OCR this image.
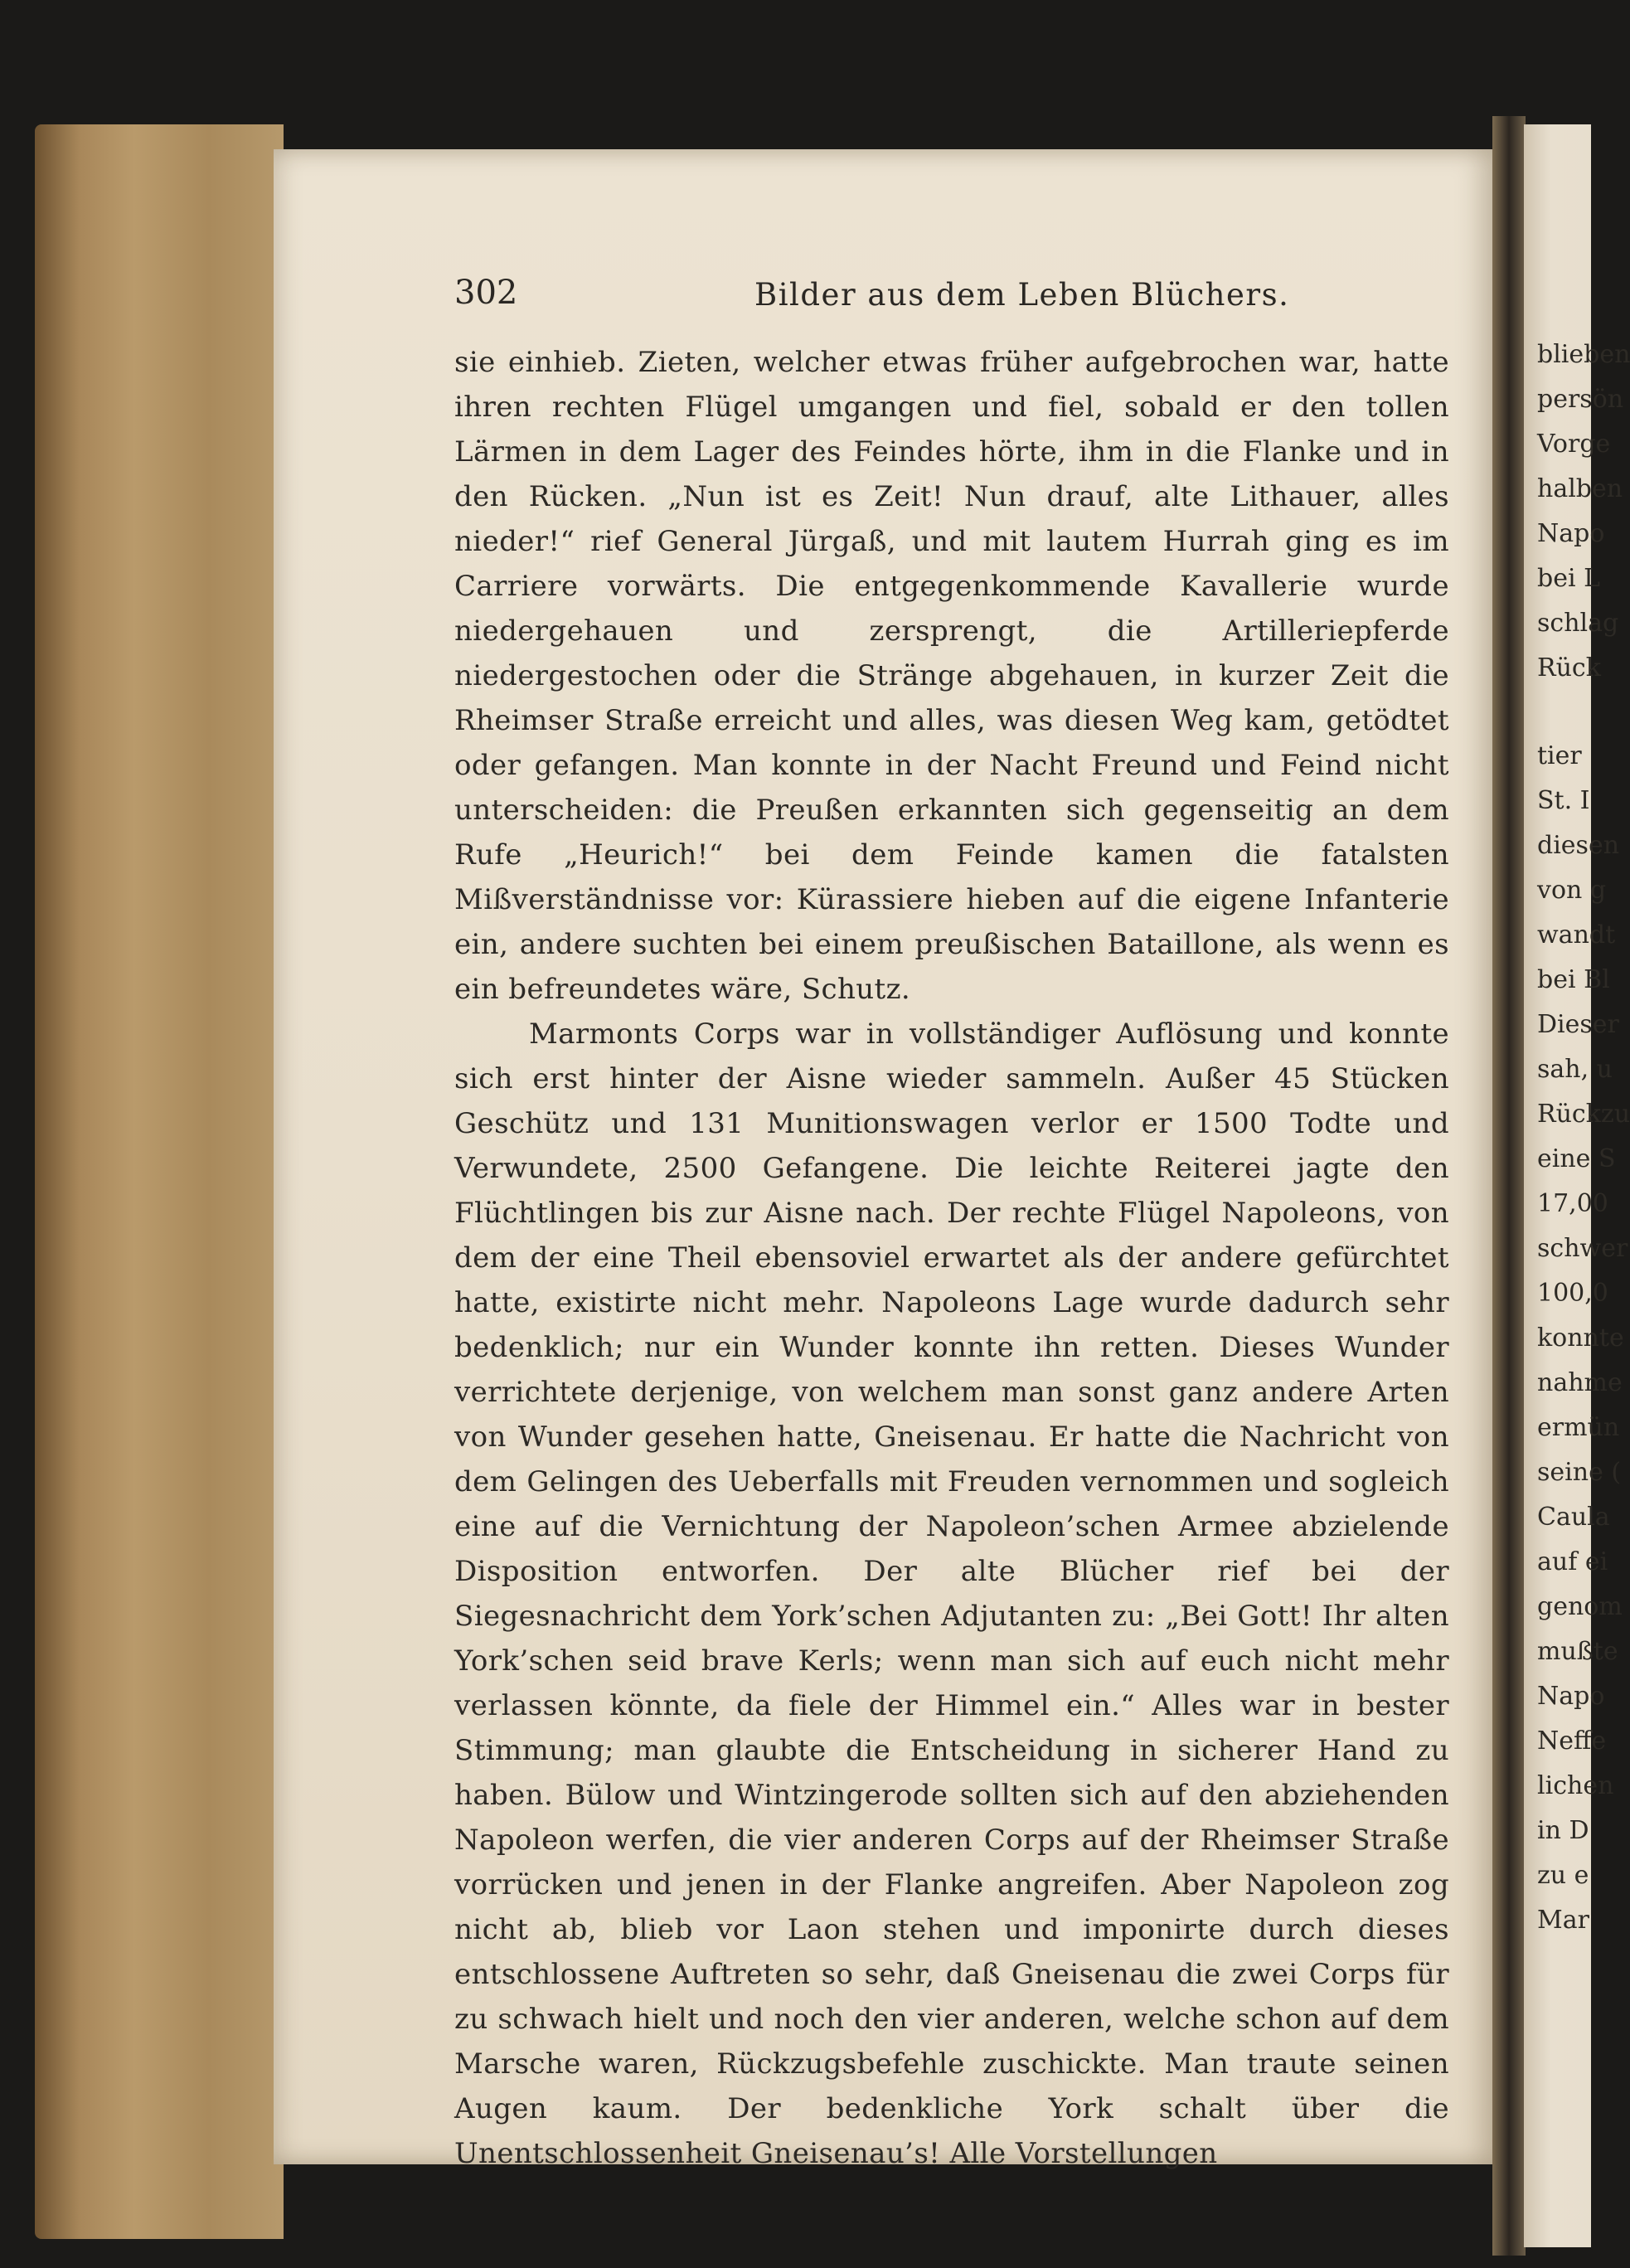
blieben
persön
Vorge
halben
Napo
bei L
schlag
Rück
tier
St. I
diesen
von g
wandt
bei Bl
Dieser
sah, u
Rückzu
eine S
17,00
schwer
100,0
konnte
nahme
ermün
seine (
Caula
auf ei
genom
mußte
Napo
Neffe
lichen
in D
zu e
Mar
302	Bilder aus dem Leben Blüchers.

sie einhieb. Zieten, welcher etwas früher aufgebrochen war, hatte ihren rechten Flügel umgangen und fiel, sobald er den tollen Lärmen in dem Lager des Feindes hörte, ihm in die Flanke und in den Rücken. „Nun ist es Zeit! Nun drauf, alte Lithauer, alles nieder!“ rief General Jürgaß, und mit lautem Hurrah ging es im Carriere vorwärts. Die entgegenkommende Kavallerie wurde niedergehauen und zersprengt, die Artilleriepferde niedergestochen oder die Stränge abgehauen, in kurzer Zeit die Rheimser Straße erreicht und alles, was diesen Weg kam, getödtet oder gefangen. Man konnte in der Nacht Freund und Feind nicht unterscheiden: die Preußen erkannten sich gegenseitig an dem Rufe „Heurich!“ bei dem Feinde kamen die fatalsten Mißverständnisse vor: Kürassiere hieben auf die eigene Infanterie ein, andere suchten bei einem preußischen Bataillone, als wenn es ein befreundetes wäre, Schutz.

Marmonts Corps war in vollständiger Auflösung und konnte sich erst hinter der Aisne wieder sammeln. Außer 45 Stücken Geschütz und 131 Munitionswagen verlor er 1500 Todte und Verwundete, 2500 Gefangene. Die leichte Reiterei jagte den Flüchtlingen bis zur Aisne nach. Der rechte Flügel Napoleons, von dem der eine Theil ebensoviel erwartet als der andere gefürchtet hatte, existirte nicht mehr. Napoleons Lage wurde dadurch sehr bedenklich; nur ein Wunder konnte ihn retten. Dieses Wunder verrichtete derjenige, von welchem man sonst ganz andere Arten von Wunder gesehen hatte, Gneisenau. Er hatte die Nachricht von dem Gelingen des Ueberfalls mit Freuden vernommen und sogleich eine auf die Vernichtung der Napoleon’schen Armee abzielende Disposition entworfen. Der alte Blücher rief bei der Siegesnachricht dem York’schen Adjutanten zu: „Bei Gott! Ihr alten York’schen seid brave Kerls; wenn man sich auf euch nicht mehr verlassen könnte, da fiele der Himmel ein.“ Alles war in bester Stimmung; man glaubte die Entscheidung in sicherer Hand zu haben. Bülow und Wintzingerode sollten sich auf den abziehenden Napoleon werfen, die vier anderen Corps auf der Rheimser Straße vorrücken und jenen in der Flanke angreifen. Aber Napoleon zog nicht ab, blieb vor Laon stehen und imponirte durch dieses entschlossene Auftreten so sehr, daß Gneisenau die zwei Corps für zu schwach hielt und noch den vier anderen, welche schon auf dem Marsche waren, Rückzugsbefehle zuschickte. Man traute seinen Augen kaum. Der bedenkliche York schalt über die Unentschlossenheit Gneisenau’s! Alle Vorstellungen
